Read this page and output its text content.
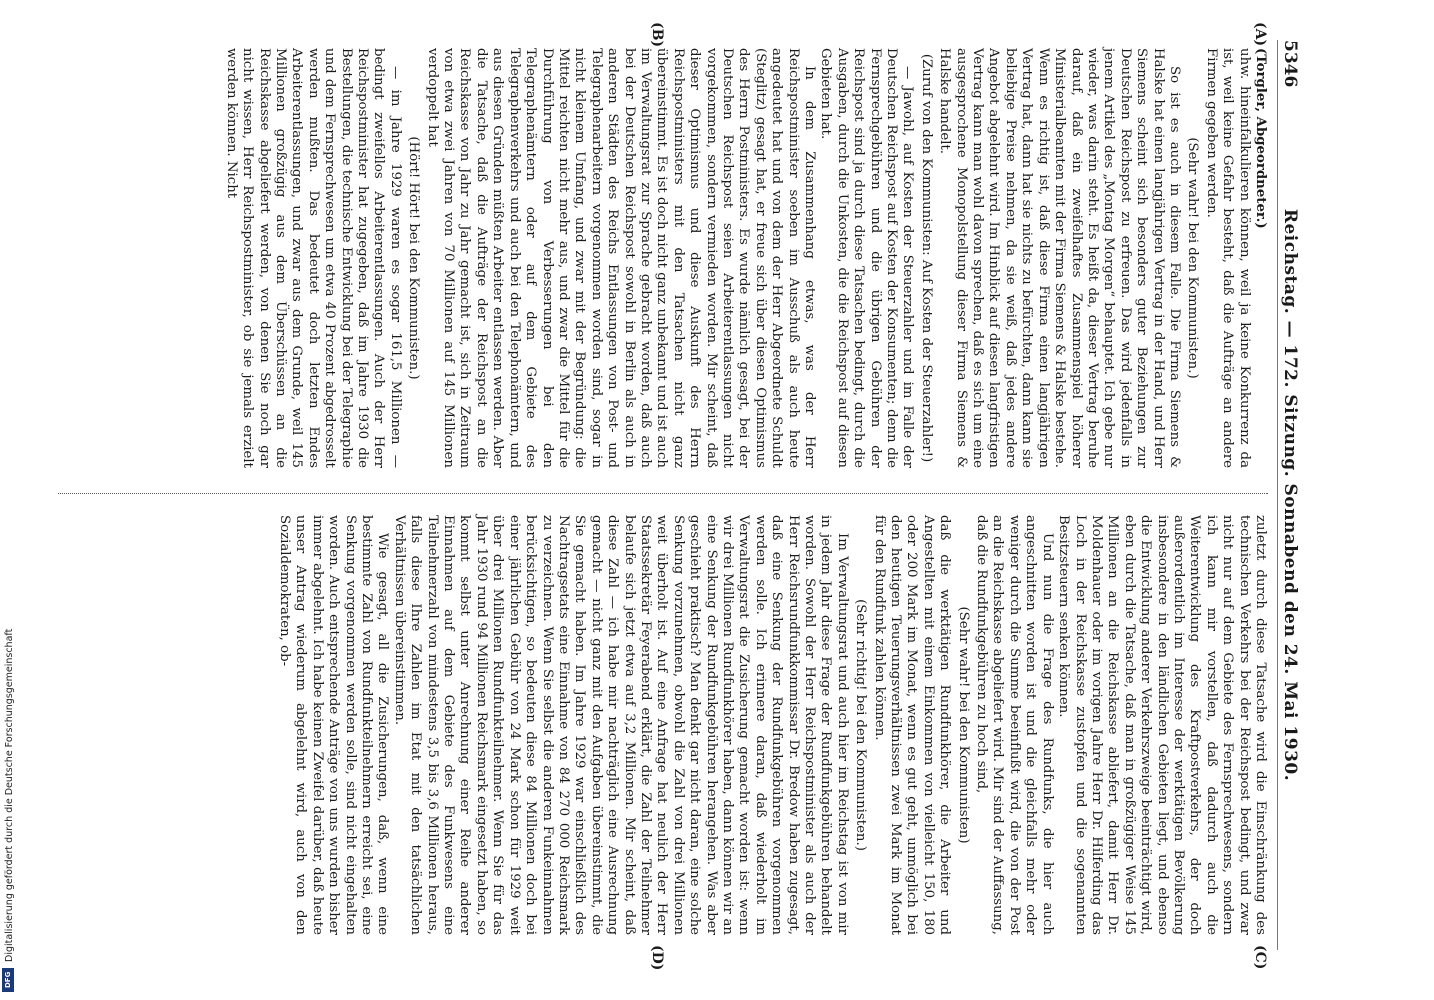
5346
Reichstag. — 172. Sitzung. Sonnabend den 24. Mai 1930.
(A)
(B)
(C)
(D)

(Torgler, Abgeordneter.)

uhw. hineinfalkulieren können, weil ja keine Konkurrenz da ist, weil keine Gefahr besteht, daß die Aufträge an andere Firmen gegeben werden.

(Sehr wahr! bei den Kommunisten.)

So ist es auch in diesem Falle. Die Firma Siemens & Halske hat einen langjährigen Vertrag in der Hand, und Herr Siemens scheint sich besonders guter Beziehungen zur Deutschen Reichspost zu erfreuen. Das wird jedenfalls in jenem Artikel des „Montag Morgen“ behauptet. Ich gebe nur wieder, was darin steht. Es heißt da, dieser Vertrag beruhe darauf, daß ein zweifelhaftes Zusammenspiel höherer Ministerialbeamten mit der Firma Siemens & Halske bestehe. Wenn es richtig ist, daß diese Firma einen langjährigen Vertrag hat, dann hat sie nichts zu befürchten, dann kann sie beliebige Preise nehmen, da sie weiß, daß jedes andere Angebot abgelehnt wird. Im Hinblick auf diesen langfristigen Vertrag kann man wohl davon sprechen, daß es sich um eine ausgesprochene Monopolstellung dieser Firma Siemens & Halske handelt.

(Zuruf von den Kommunisten: Auf Kosten der Steuerzahler!)

— Jawohl, auf Kosten der Steuerzahler und im Falle der Deutschen Reichspost auf Kosten der Konsumenten; denn die Fernsprechgebühren und die übrigen Gebühren der Reichspost sind ja durch diese Tatsachen bedingt, durch die Ausgaben, durch die Unkosten, die die Reichspost auf diesen Gebieten hat.

In dem Zusammenhang etwas, was der Herr Reichspostminister soeben im Ausschuß als auch heute angedeutet hat und von dem der Herr Abgeordnete Schuldt (Steglitz) gesagt hat, er freue sich über diesen Optimismus des Herrn Postministers. Es wurde nämlich gesagt, bei der Deutschen Reichspost seien Arbeiterentlassungen nicht vorgekommen, sondern vermieden worden. Mir scheint, daß dieser Optimismus und diese Auskunft des Herrn Reichspostministers mit den Tatsachen nicht ganz übereinstimmt. Es ist doch nicht ganz unbekannt und ist auch im Verwaltungsrat zur Sprache gebracht worden, daß auch bei der Deutschen Reichspost sowohl in Berlin als auch in anderen Städten des Reichs Entlassungen von Post- und Telegraphenarbeitern vorgenommen worden sind, sogar in nicht kleinem Umfang, und zwar mit der Begründung: die Mittel reichten nicht mehr aus, und zwar die Mittel für die Durchführung von Verbesserungen bei den Telegraphenämtern oder auf dem Gebiete des Telegraphenverkehrs und auch bei den Telephonämtern, und aus diesen Gründen müßten Arbeiter entlassen werden. Aber die Tatsache, daß die Aufträge der Reichspost an die Reichskasse von Jahr zu Jahr gemacht ist, sich in Zeitraum von etwa zwei Jahren von 70 Millionen auf 145 Millionen verdoppelt hat

(Hört! Hört! bei den Kommunisten.)

— im Jahre 1929 waren es sogar 161,5 Millionen — bedingt zweifellos Arbeiterentlassungen. Auch der Herr Reichspostminister hat zugegeben, daß im Jahre 1930 die Bestellungen, die technische Entwicklung bei der Telegraphie und dem Fernsprechwesen um etwa 40 Prozent abgedrosselt werden mußten. Das bedeutet doch letzten Endes Arbeiterentlassungen, und zwar aus dem Grunde, weil 145 Millionen großzügig aus dem Überschüssen an die Reichskasse abgeliefert werden, von denen Sie noch gar nicht wissen, Herr Reichspostminister, ob sie jemals erzielt werden können. Nicht

zuletzt durch diese Tatsache wird die Einschränkung des technischen Verkehrs bei der Reichspost bedingt, und zwar nicht nur auf dem Gebiete des Fernsprechwesens, sondern ich kann mir vorstellen, daß dadurch auch die Weiterentwicklung des Kraftpostverkehrs, der doch außerordentlich im Interesse der werktätigen Bevölkerung insbesondere in den ländlichen Gebieten liegt, und ebenso die Entwicklung anderer Verkehrszweige beeinträchtigt wird, eben durch die Tatsache, daß man in großzügiger Weise 145 Millionen an die Reichskasse abliefert, damit Herr Dr. Moldenhauer oder im vorigen Jahre Herr Dr. Hilferding das Loch in der Reichskasse zustopfen und die sogenannten Besitzsteuern senken können.

Und nun die Frage des Rundfunks, die hier auch angeschnitten worden ist und die gleichfalls mehr oder weniger durch die Summe beeinflußt wird, die von der Post an die Reichskasse abgeliefert wird. Mir sind der Auffassung, daß die Rundfunkgebühren zu hoch sind,

(Sehr wahr! bei den Kommunisten)

daß die werktätigen Rundfunkhörer, die Arbeiter und Angestellten mit einem Einkommen von vielleicht 150, 180 oder 200 Mark im Monat, wenn es gut geht, unmöglich bei den heutigen Teuerungsverhältnissen zwei Mark im Monat für den Rundfunk zahlen können.

(Sehr richtig! bei den Kommunisten.)

Im Verwaltungsrat und auch hier im Reichstag ist von mir in jedem Jahr diese Frage der Rundfunkgebühren behandelt worden. Sowohl der Herr Reichspostminister als auch der Herr Reichsrundfunkkommissar Dr. Bredow haben zugesagt, daß eine Senkung der Rundfunkgebühren vorgenommen werden solle. Ich erinnere daran, daß wiederholt im Verwaltungsrat die Zusicherung gemacht worden ist: wenn wir drei Millionen Rundfunkhörer haben, dann können wir an eine Senkung der Rundfunkgebühren herangehen. Was aber geschieht praktisch? Man denkt gar nicht daran, eine solche Senkung vorzunehmen, obwohl die Zahl von drei Millionen weit überholt ist. Auf eine Anfrage hat neulich der Herr Staatssekretär Feyerabend erklärt, die Zahl der Teilnehmer belaufe sich jetzt etwa auf 3,2 Millionen. Mir scheint, daß diese Zahl — ich habe mir nachträglich eine Ausrechnung gemacht — nicht ganz mit den Aufgaben übereinstimmt, die Sie gemacht haben. Im Jahre 1929 war einschließlich des Nachtragsetats eine Einnahme von 84 270 000 Reichsmark zu verzeichnen. Wenn Sie selbst die anderen Funkeinnahmen berücksichtigen, so bedeuten diese 84 Millionen doch bei einer jährlichen Gebühr von 24 Mark schon für 1929 weit über drei Millionen Rundfunkteilnehmer. Wenn Sie für das Jahr 1930 rund 94 Millionen Reichsmark eingesetzt haben, so kommt selbst unter Anrechnung einer Reihe anderer Einnahmen auf dem Gebiete des Funkwesens eine Teilnehmerzahl von mindestens 3,5 bis 3,6 Millionen heraus, falls diese Ihre Zahlen im Etat mit den tatsächlichen Verhältnissen übereinstimmen.

Wie gesagt, all die Zusicherungen, daß, wenn eine bestimmte Zahl von Rundfunkteilnehmern erreicht sei, eine Senkung vorgenommen werden solle, sind nicht eingehalten worden. Auch entsprechende Anträge von uns wurden bisher immer abgelehnt. Ich habe keinen Zweifel darüber, daß heute unser Antrag wiederum abgelehnt wird, auch von den Sozialdemokraten, ob-

Digitalisierung gefördert durch die Deutsche Forschungsgemeinschaft
DFG
